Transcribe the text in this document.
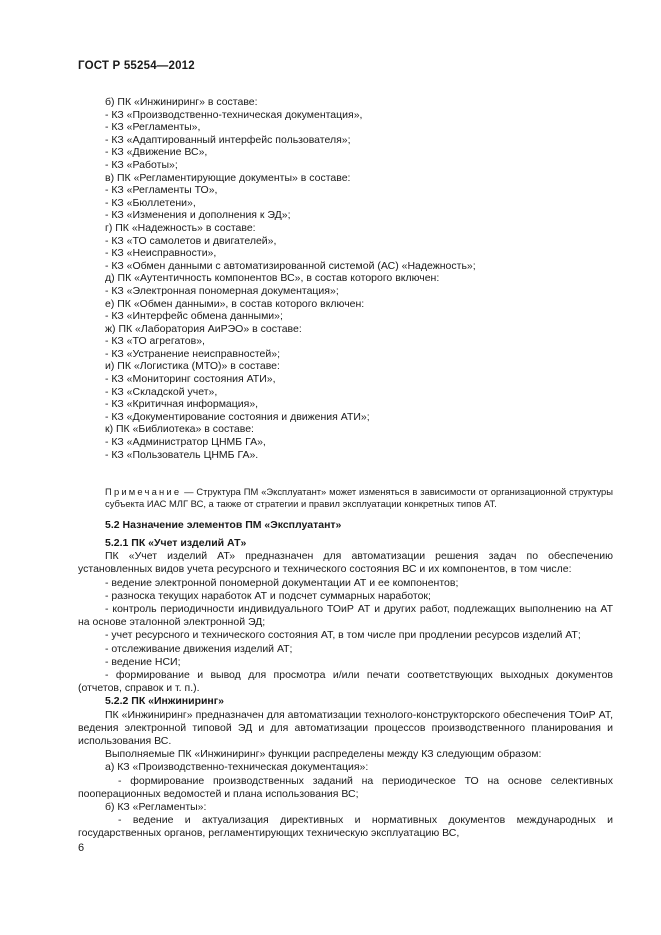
ГОСТ Р 55254—2012
б) ПК «Инжиниринг» в составе:
- КЗ «Производственно-техническая документация»,
- КЗ «Регламенты»,
- КЗ «Адаптированный интерфейс пользователя»;
- КЗ «Движение ВС»,
- КЗ «Работы»;
в) ПК «Регламентирующие документы» в составе:
- КЗ «Регламенты ТО»,
- КЗ «Бюллетени»,
- КЗ «Изменения и дополнения к ЭД»;
г) ПК «Надежность» в составе:
- КЗ «ТО самолетов и двигателей»,
- КЗ «Неисправности»,
- КЗ «Обмен данными с автоматизированной системой (АС) «Надежность»;
д) ПК «Аутентичность компонентов ВС», в состав которого включен:
- КЗ «Электронная пономерная документация»;
е) ПК «Обмен данными», в состав которого включен:
- КЗ «Интерфейс обмена данными»;
ж) ПК «Лаборатория АиРЭО» в составе:
- КЗ «ТО агрегатов»,
- КЗ «Устранение неисправностей»;
и) ПК «Логистика (МТО)» в составе:
- КЗ «Мониторинг состояния АТИ»,
- КЗ «Складской учет»,
- КЗ «Критичная информация»,
- КЗ «Документирование состояния и движения АТИ»;
к) ПК «Библиотека» в составе:
- КЗ «Администратор ЦНМБ ГА»,
- КЗ «Пользователь ЦНМБ ГА».
Примечание — Структура ПМ «Эксплуатант» может изменяться в зависимости от организационной структуры субъекта ИАС МЛГ ВС, а также от стратегии и правил эксплуатации конкретных типов АТ.
5.2 Назначение элементов ПМ «Эксплуатант»
5.2.1 ПК «Учет изделий АТ»
ПК «Учет изделий АТ» предназначен для автоматизации решения задач по обеспечению установленных видов учета ресурсного и технического состояния ВС и их компонентов, в том числе:
- ведение электронной пономерной документации АТ и ее компонентов;
- разноска текущих наработок АТ и подсчет суммарных наработок;
- контроль периодичности индивидуального ТОиР АТ и других работ, подлежащих выполнению на АТ на основе эталонной электронной ЭД;
- учет ресурсного и технического состояния АТ, в том числе при продлении ресурсов изделий АТ;
- отслеживание движения изделий АТ;
- ведение НСИ;
- формирование и вывод для просмотра и/или печати соответствующих выходных документов (отчетов, справок и т. п.).
5.2.2 ПК «Инжиниринг»
ПК «Инжиниринг» предназначен для автоматизации технолого-конструкторского обеспечения ТОиР АТ, ведения электронной типовой ЭД и для автоматизации процессов производственного планирования и использования ВС.
Выполняемые ПК «Инжиниринг» функции распределены между КЗ следующим образом:
а) КЗ «Производственно-техническая документация»:
- формирование производственных заданий на периодическое ТО на основе селективных пооперационных ведомостей и плана использования ВС;
б) КЗ «Регламенты»:
- ведение и актуализация директивных и нормативных документов международных и государственных органов, регламентирующих техническую эксплуатацию ВС,
6
